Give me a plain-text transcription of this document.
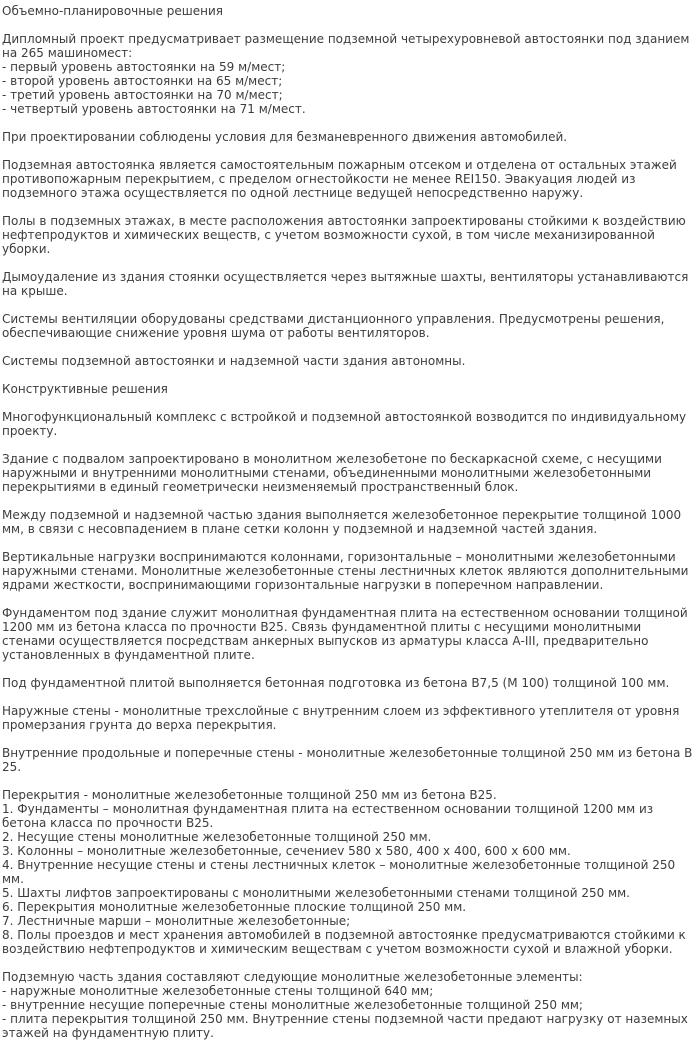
Объемно-планировочные решения

Дипломный проект предусматривает размещение подземной четырехуровневой автостоянки под зданием на 265 машиномест:
- первый уровень автостоянки на 59 м/мест;
- второй уровень автостоянки на 65 м/мест;
- третий уровень автостоянки на 70 м/мест;
- четвертый уровень автостоянки на 71 м/мест.

При проектировании соблюдены условия для безманевренного движения автомобилей.

Подземная автостоянка является самостоятельным пожарным отсеком и отделена от остальных этажей противопожарным перекрытием, с пределом огнестойкости не менее REI150. Эвакуация людей из подземного этажа осуществляется по одной лестнице ведущей непосредственно наружу.

Полы в подземных этажах, в месте расположения автостоянки запроектированы стойкими к воздействию нефтепродуктов и химических веществ, с учетом возможности сухой, в том числе механизированной уборки.

Дымоудаление из здания стоянки осуществляется через вытяжные шахты, вентиляторы устанавливаются на крыше.

Системы вентиляции оборудованы средствами дистанционного управления. Предусмотрены решения, обеспечивающие снижение уровня шума от работы вентиляторов.

Системы подземной автостоянки и надземной части здания автономны.

Конструктивные решения

Многофункциональный комплекс с встройкой и подземной автостоянкой возводится по индивидуальному проекту.

Здание с подвалом запроектировано в монолитном железобетоне по бескаркасной схеме, с несущими наружными и внутренними монолитными стенами, объединенными монолитными железобетонными перекрытиями в единый геометрически неизменяемый пространственный блок.

Между подземной и надземной частью здания выполняется железобетонное перекрытие толщиной 1000 мм, в связи с несовпадением в плане сетки колонн у подземной и надземной частей здания.

Вертикальные нагрузки воспринимаются колоннами, горизонтальные – монолитными железобетонными наружными стенами. Монолитные железобетонные стены лестничных клеток являются дополнительными ядрами жесткости, воспринимающими горизонтальные нагрузки в поперечном направлении.

Фундаментом под здание служит монолитная фундаментная плита на естественном основании толщиной 1200 мм из бетона класса по прочности В25. Связь фундаментной плиты с несущими монолитными стенами осуществляется посредствам анкерных выпусков из арматуры класса А-III, предварительно установленных в фундаментной плите.

Под фундаментной плитой выполняется бетонная подготовка из бетона В7,5 (М 100) толщиной 100 мм.

Наружные стены - монолитные трехслойные с внутренним слоем из эффективного утеплителя от уровня промерзания грунта до верха перекрытия.

Внутренние продольные и поперечные стены - монолитные железобетонные толщиной 250 мм из бетона В 25.

Перекрытия - монолитные железобетонные толщиной 250 мм из бетона В25.
1. Фундаменты – монолитная фундаментная плита на естественном основании толщиной 1200 мм из бетона класса по прочности В25.
2. Несущие стены монолитные железобетонные толщиной 250 мм.
3. Колонны – монолитные железобетонные, сечениеv 580 х 580, 400 х 400, 600 х 600 мм.
4. Внутренние несущие стены и стены лестничных клеток – монолитные железобетонные толщиной 250 мм.
5. Шахты лифтов запроектированы с монолитными железобетонными стенами толщиной 250 мм.
6. Перекрытия монолитные железобетонные плоские толщиной 250 мм.
7. Лестничные марши – монолитные железобетонные;
8. Полы проездов и мест хранения автомобилей в подземной автостоянке предусматриваются стойкими к воздействию нефтепродуктов и химическим веществам с учетом возможности сухой и влажной уборки.

Подземную часть здания составляют следующие монолитные железобетонные элементы:
- наружные монолитные железобетонные стены толщиной 640 мм;
- внутренние несущие поперечные стены монолитные железобетонные толщиной 250 мм;
- плита перекрытия толщиной 250 мм. Внутренние стены подземной части предают нагрузку от наземных этажей на фундаментную плиту.
